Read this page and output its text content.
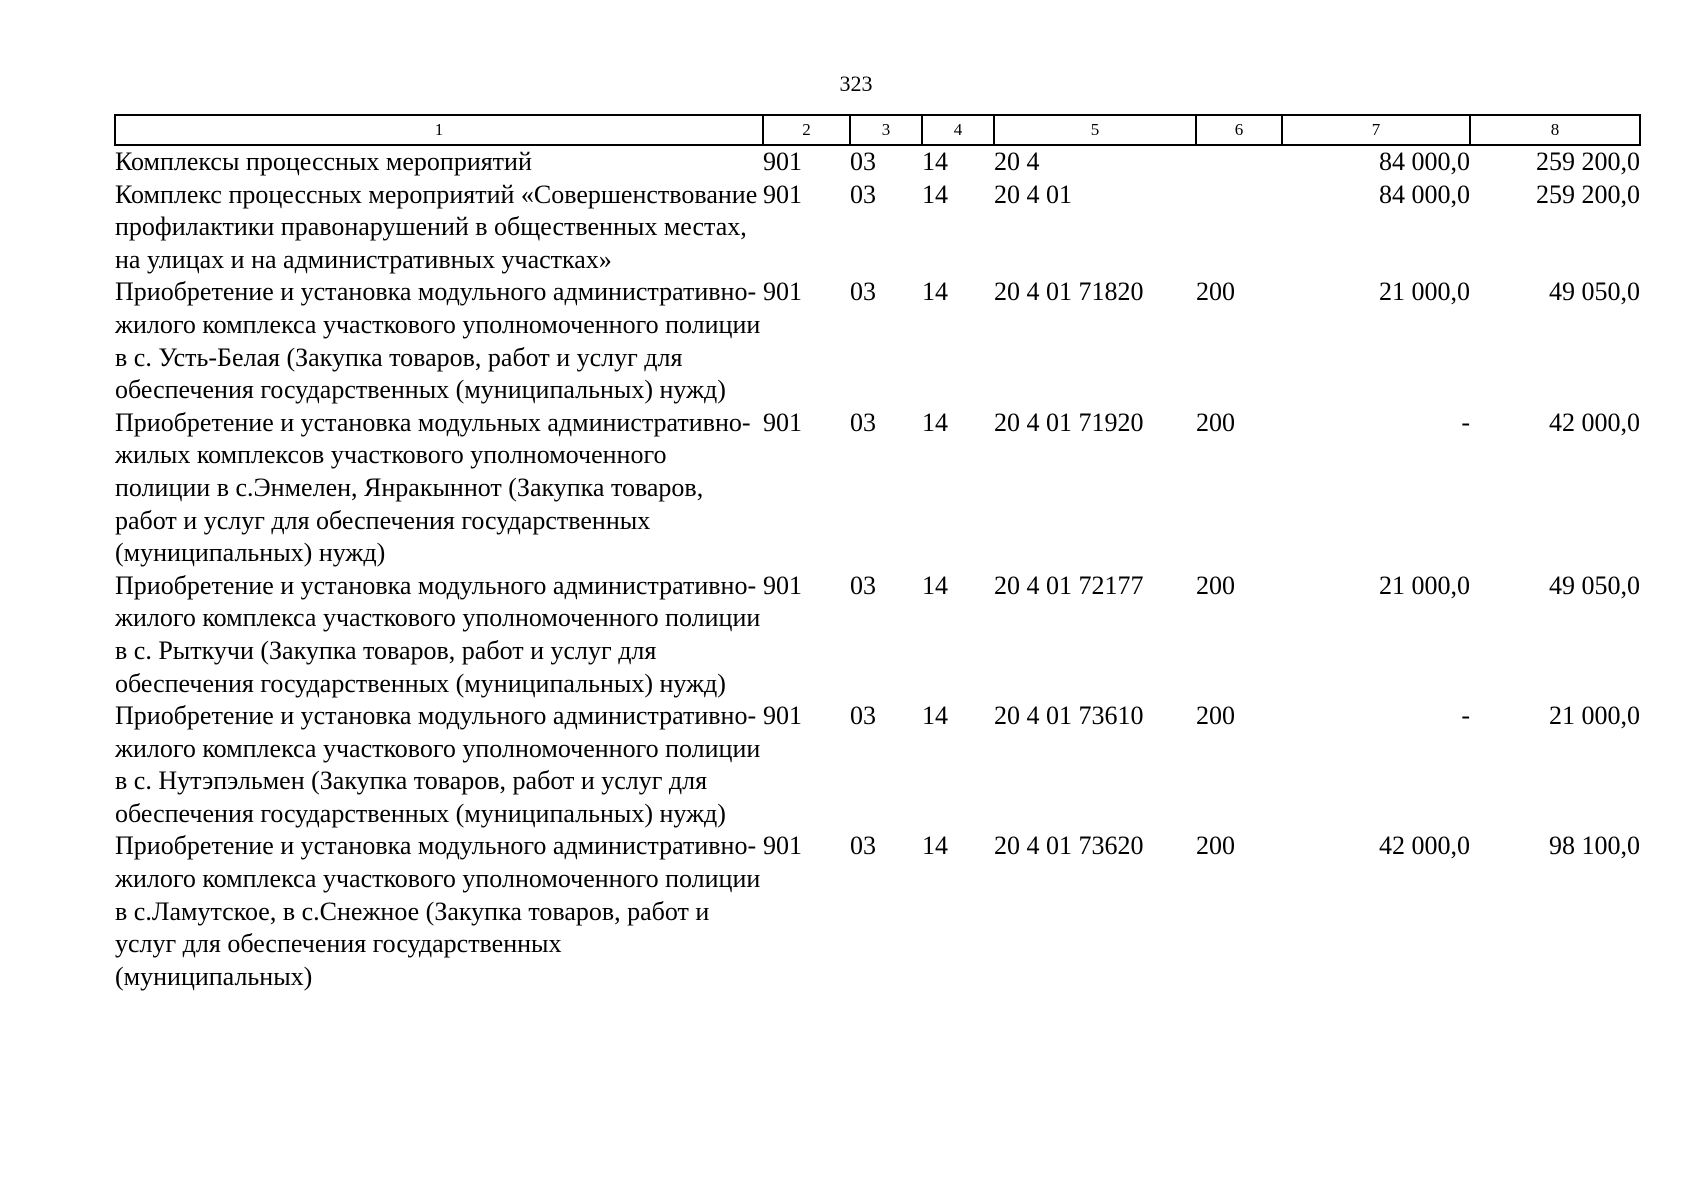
323
1	2	3	4	5	6	7	8
Комплексы процессных мероприятий	901	03	14	20 4		84 000,0	259 200,0
Комплекс процессных мероприятий «Совершенствование профилактики правонарушений в общественных местах, на улицах и на административных участках»	901	03	14	20 4 01		84 000,0	259 200,0
Приобретение и установка модульного административно-жилого комплекса участкового уполномоченного полиции в с. Усть-Белая (Закупка товаров, работ и услуг для обеспечения государственных (муниципальных) нужд)	901	03	14	20 4 01 71820	200	21 000,0	49 050,0
Приобретение и установка модульных административно-жилых комплексов участкового уполномоченного полиции в с.Энмелен, Янракыннот (Закупка товаров, работ и услуг для обеспечения государственных (муниципальных) нужд)	901	03	14	20 4 01 71920	200	-	42 000,0
Приобретение и установка модульного административно-жилого комплекса участкового уполномоченного полиции в с. Рыткучи (Закупка товаров, работ и услуг для обеспечения государственных (муниципальных) нужд)	901	03	14	20 4 01 72177	200	21 000,0	49 050,0
Приобретение и установка модульного административно-жилого комплекса участкового уполномоченного полиции в с. Нутэпэльмен (Закупка товаров, работ и услуг для обеспечения государственных (муниципальных) нужд)	901	03	14	20 4 01 73610	200	-	21 000,0
Приобретение и установка модульного административно-жилого комплекса участкового уполномоченного полиции в с.Ламутское, в с.Снежное (Закупка товаров, работ и услуг для обеспечения государственных (муниципальных)	901	03	14	20 4 01 73620	200	42 000,0	98 100,0
